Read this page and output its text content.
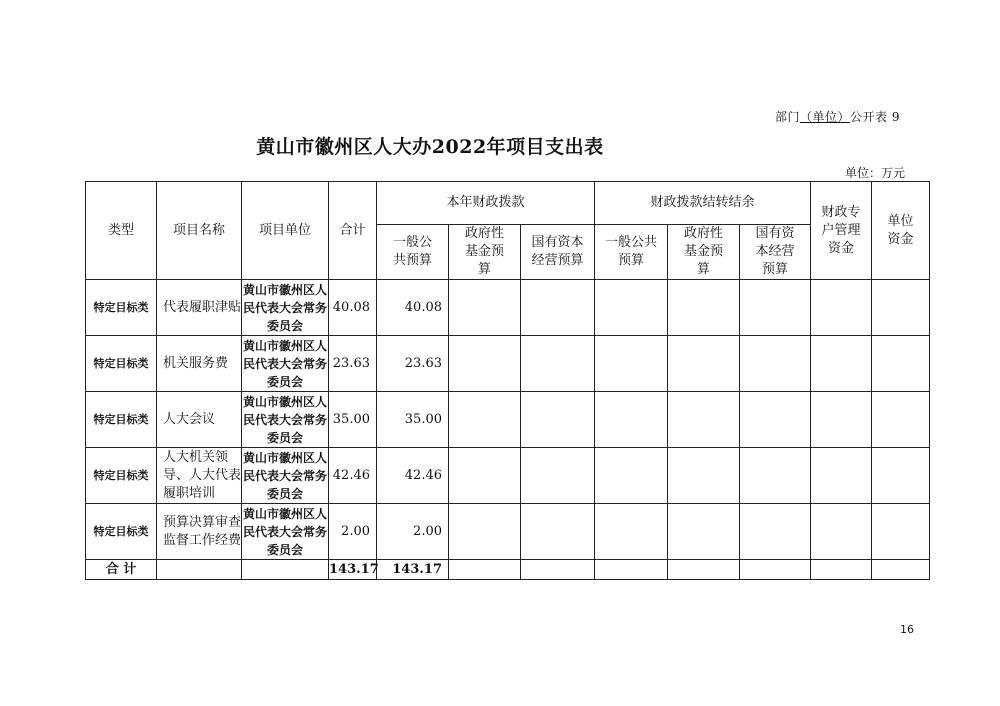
部门（单位）公开表 9
黄山市徽州区人大办2022年项目支出表
单位：万元
类型	项目名称	项目单位	合计	本年财政拨款			财政拨款结转结余			财政专户管理资金	单位资金
				一般公共预算	政府性基金预算	国有资本经营预算	一般公共预算	政府性基金预算	国有资本经营预算		
特定目标类	代表履职津贴	黄山市徽州区人民代表大会常务委员会	40.08	40.08							
特定目标类	机关服务费	黄山市徽州区人民代表大会常务委员会	23.63	23.63							
特定目标类	人大会议	黄山市徽州区人民代表大会常务委员会	35.00	35.00							
特定目标类	人大机关领导、人大代表履职培训	黄山市徽州区人民代表大会常务委员会	42.46	42.46							
特定目标类	预算决算审查监督工作经费	黄山市徽州区人民代表大会常务委员会	2.00	2.00							
合 计			143.17	143.17							
16
